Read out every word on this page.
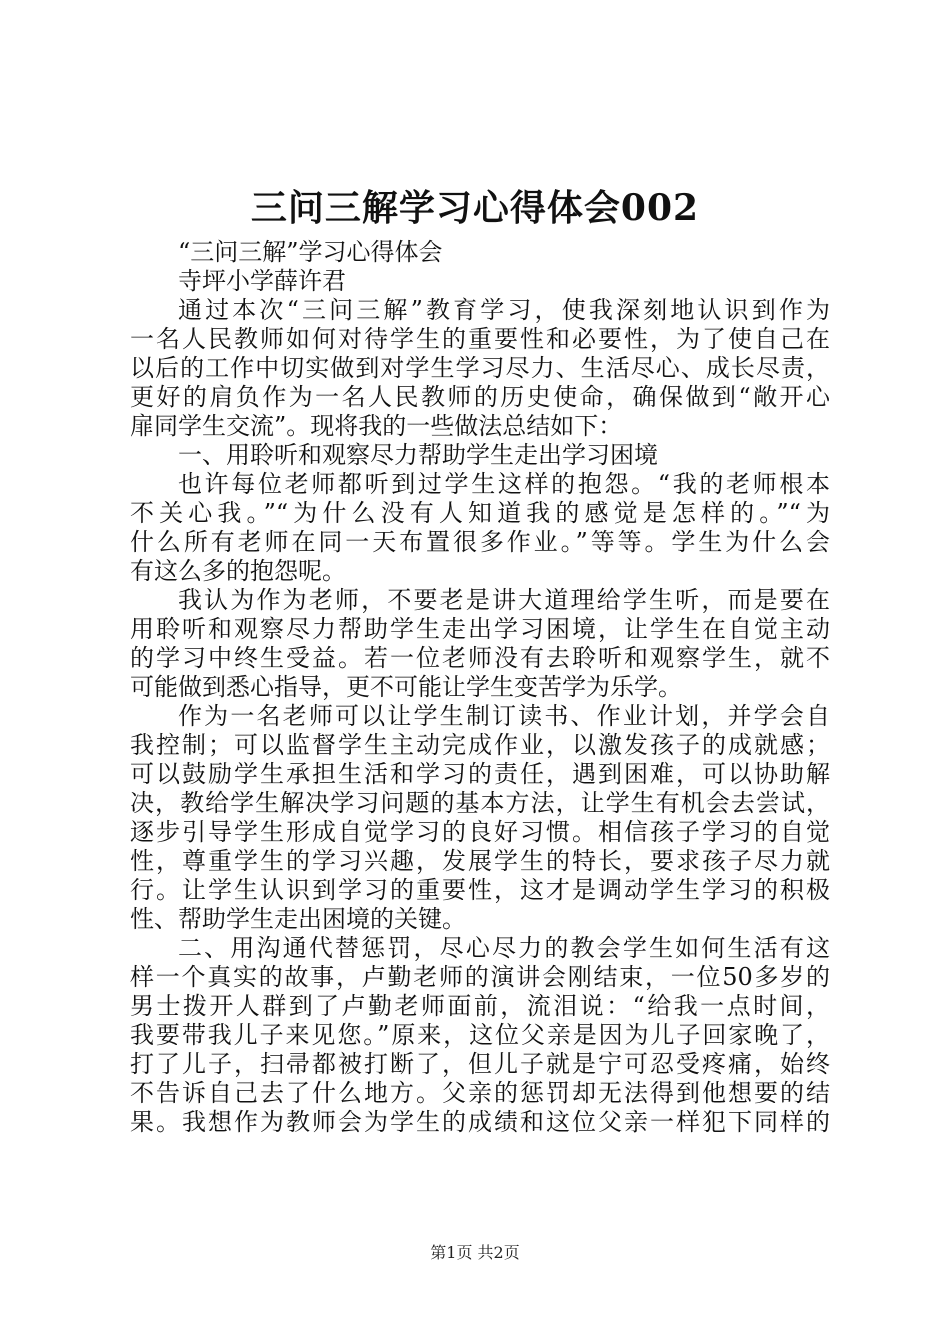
三问三解学习心得体会002
“三问三解”学习心得体会
寺坪小学薛许君
通过本次“三问三解”教育学习，使我深刻地认识到作为
一名人民教师如何对待学生的重要性和必要性，为了使自己在
以后的工作中切实做到对学生学习尽力、生活尽心、成长尽责，
更好的肩负作为一名人民教师的历史使命，确保做到“敞开心
扉同学生交流”。现将我的一些做法总结如下：
一、用聆听和观察尽力帮助学生走出学习困境
也许每位老师都听到过学生这样的抱怨。“我的老师根本
不关心我。”“为什么没有人知道我的感觉是怎样的。”“为
什么所有老师在同一天布置很多作业。”等等。学生为什么会
有这么多的抱怨呢。
我认为作为老师，不要老是讲大道理给学生听，而是要在
用聆听和观察尽力帮助学生走出学习困境，让学生在自觉主动
的学习中终生受益。若一位老师没有去聆听和观察学生，就不
可能做到悉心指导，更不可能让学生变苦学为乐学。
作为一名老师可以让学生制订读书、作业计划，并学会自
我控制；可以监督学生主动完成作业，以激发孩子的成就感；
可以鼓励学生承担生活和学习的责任，遇到困难，可以协助解
决，教给学生解决学习问题的基本方法，让学生有机会去尝试，
逐步引导学生形成自觉学习的良好习惯。相信孩子学习的自觉
性，尊重学生的学习兴趣，发展学生的特长，要求孩子尽力就
行。让学生认识到学习的重要性，这才是调动学生学习的积极
性、帮助学生走出困境的关键。
二、用沟通代替惩罚，尽心尽力的教会学生如何生活有这
样一个真实的故事，卢勤老师的演讲会刚结束，一位50多岁的
男士拨开人群到了卢勤老师面前，流泪说：“给我一点时间，
我要带我儿子来见您。”原来，这位父亲是因为儿子回家晚了，
打了儿子，扫帚都被打断了，但儿子就是宁可忍受疼痛，始终
不告诉自己去了什么地方。父亲的惩罚却无法得到他想要的结
果。我想作为教师会为学生的成绩和这位父亲一样犯下同样的
第1页 共2页
